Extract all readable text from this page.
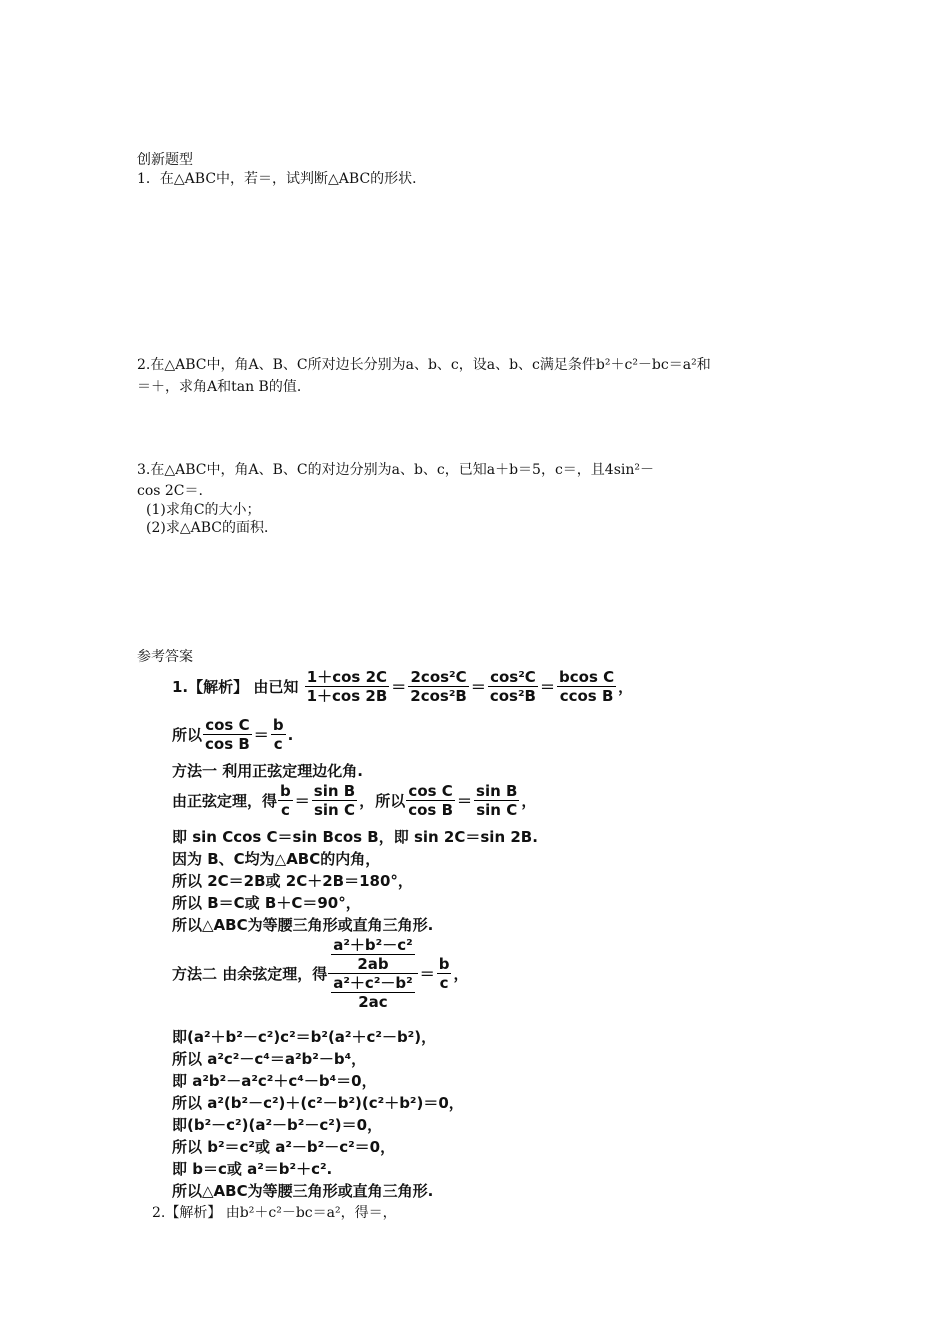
创新题型
1．在△ABC中，若＝，试判断△ABC的形状．
2.在△ABC中，角A、B、C所对边长分别为a、b、c，设a、b、c满足条件b²＋c²－bc＝a²和
＝＋，求角A和tan B的值．
3.在△ABC中，角A、B、C的对边分别为a、b、c，已知a＋b＝5，c＝，且4sin²－
cos 2C＝.
(1)求角C的大小；
(2)求△ABC的面积．
参考答案
1.【解析】 由已知 $\frac{1+\cos 2C}{1+\cos 2B} = \frac{\text{2cos²C}}{\text{2cos²B}} = \frac{\text{cos²C}}{\text{cos²B}} = \frac{\text{bcos C}}{\text{ccos B}}$ ，
所以 $\frac{\text{cos C}}{\text{cos B}} = \frac{b}{c}$ .
方法一 利用正弦定理边化角.
由正弦定理，得 $\frac{b}{c} = \frac{\text{sin B}}{\text{sin C}}$ ，所以 $\frac{\text{cos C}}{\text{cos B}} = \frac{\text{sin B}}{\text{sin C}}$ ，
即 sin Ccos C＝sin Bcos B，即 sin 2C＝sin 2B.
因为 B、C均为△ABC的内角，
所以 2C＝2B或 2C＋2B＝180°，
所以 B＝C或 B＋C＝90°，
所以△ABC为等腰三角形或直角三角形.
方法二 由余弦定理，得 $\frac{\frac{\text{a²＋b²－c²}}{2ab}}{\frac{\text{a²＋c²－b²}}{2ac}} = \frac{b}{c}$ ，
即(a²＋b²－c²)c²＝b²(a²＋c²－b²)，
所以 a²c²－c⁴＝a²b²－b⁴，
即 a²b²－a²c²＋c⁴－b⁴＝0，
所以 a²(b²－c²)＋(c²－b²)(c²＋b²)＝0，
即(b²－c²)(a²－b²－c²)＝0，
所以 b²＝c²或 a²－b²－c²＝0，
即 b＝c或 a²＝b²＋c².
所以△ABC为等腰三角形或直角三角形.
2.【解析】 由b²＋c²－bc＝a²，得＝，
